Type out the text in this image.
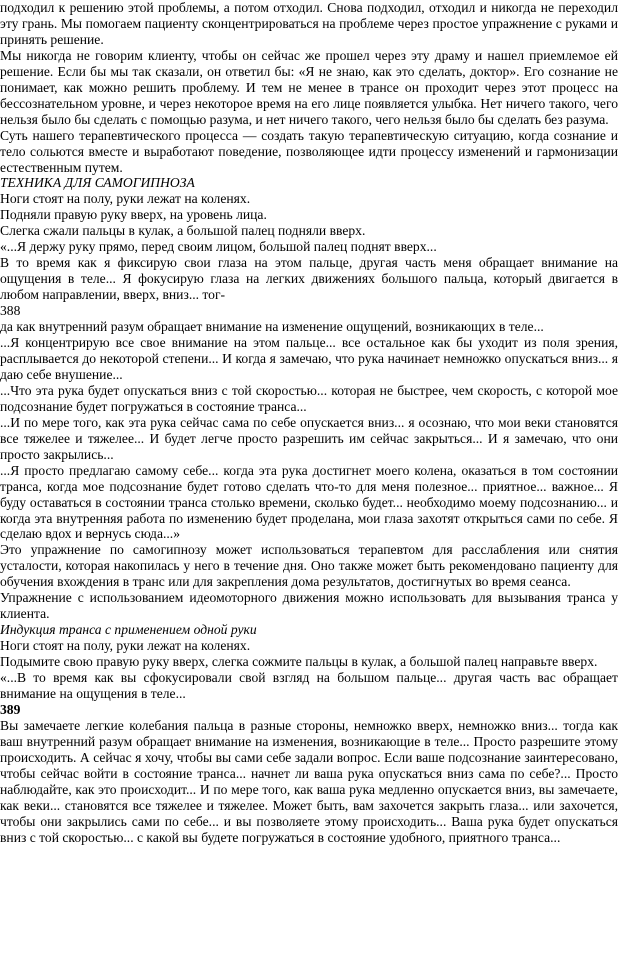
подходил к решению этой проблемы, а потом отходил. Снова подходил, отходил и никогда не переходил эту грань. Мы помогаем пациенту сконцентрироваться на проблеме через простое упражнение с руками и принять решение.

Мы никогда не говорим клиенту, чтобы он сейчас же прошел через эту драму и нашел приемлемое ей решение. Если бы мы так сказали, он ответил бы: «Я не знаю, как это сделать, доктор». Его сознание не понимает, как можно решить проблему. И тем не менее в трансе он проходит через этот процесс на бессознательном уровне, и через некоторое время на его лице появляется улыбка. Нет ничего такого, чего нельзя было бы сделать с помощью разума, и нет ничего такого, чего нельзя было бы сделать без разума.

Суть нашего терапевтического процесса — создать такую терапевтическую ситуацию, когда сознание и тело сольются вместе и выработают поведение, позволяющее идти процессу изменений и гармонизации естественным путем.

ТЕХНИКА ДЛЯ САМОГИПНОЗА

Ноги стоят на полу, руки лежат на коленях.

Подняли правую руку вверх, на уровень лица.

Слегка сжали пальцы в кулак, а большой палец подняли вверх.

«...Я держу руку прямо, перед своим лицом, большой палец поднят вверх...

В то время как я фиксирую свои глаза на этом пальце, другая часть меня обращает внимание на ощущения в теле... Я фокусирую глаза на легких движениях большого пальца, который двигается в любом направлении, вверх, вниз... тог-

388

да как внутренний разум обращает внимание на изменение ощущений, возникающих в теле...

...Я концентрирую все свое внимание на этом пальце... все остальное как бы уходит из поля зрения, расплывается до некоторой степени... И когда я замечаю, что рука начинает немножко опускаться вниз... я даю себе внушение...

...Что эта рука будет опускаться вниз с той скоростью... которая не быстрее, чем скорость, с которой мое подсознание будет погружаться в состояние транса...

...И по мере того, как эта рука сейчас сама по себе опускается вниз... я осознаю, что мои веки становятся все тяжелее и тяжелее... И будет легче просто разрешить им сейчас закрыться... И я замечаю, что они просто закрылись...

...Я просто предлагаю самому себе... когда эта рука достигнет моего колена, оказаться в том состоянии транса, когда мое подсознание будет готово сделать что-то для меня полезное... приятное... важное... Я буду оставаться в состоянии транса столько времени, сколько будет... необходимо моему подсознанию... и когда эта внутренняя работа по изменению будет проделана, мои глаза захотят открыться сами по себе. Я сделаю вдох и вернусь сюда...»

Это упражнение по самогипнозу может использоваться терапевтом для расслабления или снятия усталости, которая накопилась у него в течение дня. Оно также может быть рекомендовано пациенту для обучения вхождения в транс или для закрепления дома результатов, достигнутых во время сеанса.

Упражнение с использованием идеомоторного движения можно использовать для вызывания транса у клиента.

Индукция транса с применением одной руки

Ноги стоят на полу, руки лежат на коленях.

Подымите свою правую руку вверх, слегка сожмите пальцы в кулак, а большой палец направьте вверх.

«...В то время как вы сфокусировали свой взгляд на большом пальце... другая часть вас обращает внимание на ощущения в теле...

389

Вы замечаете легкие колебания пальца в разные стороны, немножко вверх, немножко вниз... тогда как ваш внутренний разум обращает внимание на изменения, возникающие в теле... Просто разрешите этому происходить. А сейчас я хочу, чтобы вы сами себе задали вопрос. Если ваше подсознание заинтересовано, чтобы сейчас войти в состояние транса... начнет ли ваша рука опускаться вниз сама по себе?... Просто наблюдайте, как это происходит... И по мере того, как ваша рука медленно опускается вниз, вы замечаете, как веки... становятся все тяжелее и тяжелее. Может быть, вам захочется закрыть глаза... или захочется, чтобы они закрылись сами по себе... и вы позволяете этому происходить... Ваша рука будет опускаться вниз с той скоростью... с какой вы будете погружаться в состояние удобного, приятного транса...
